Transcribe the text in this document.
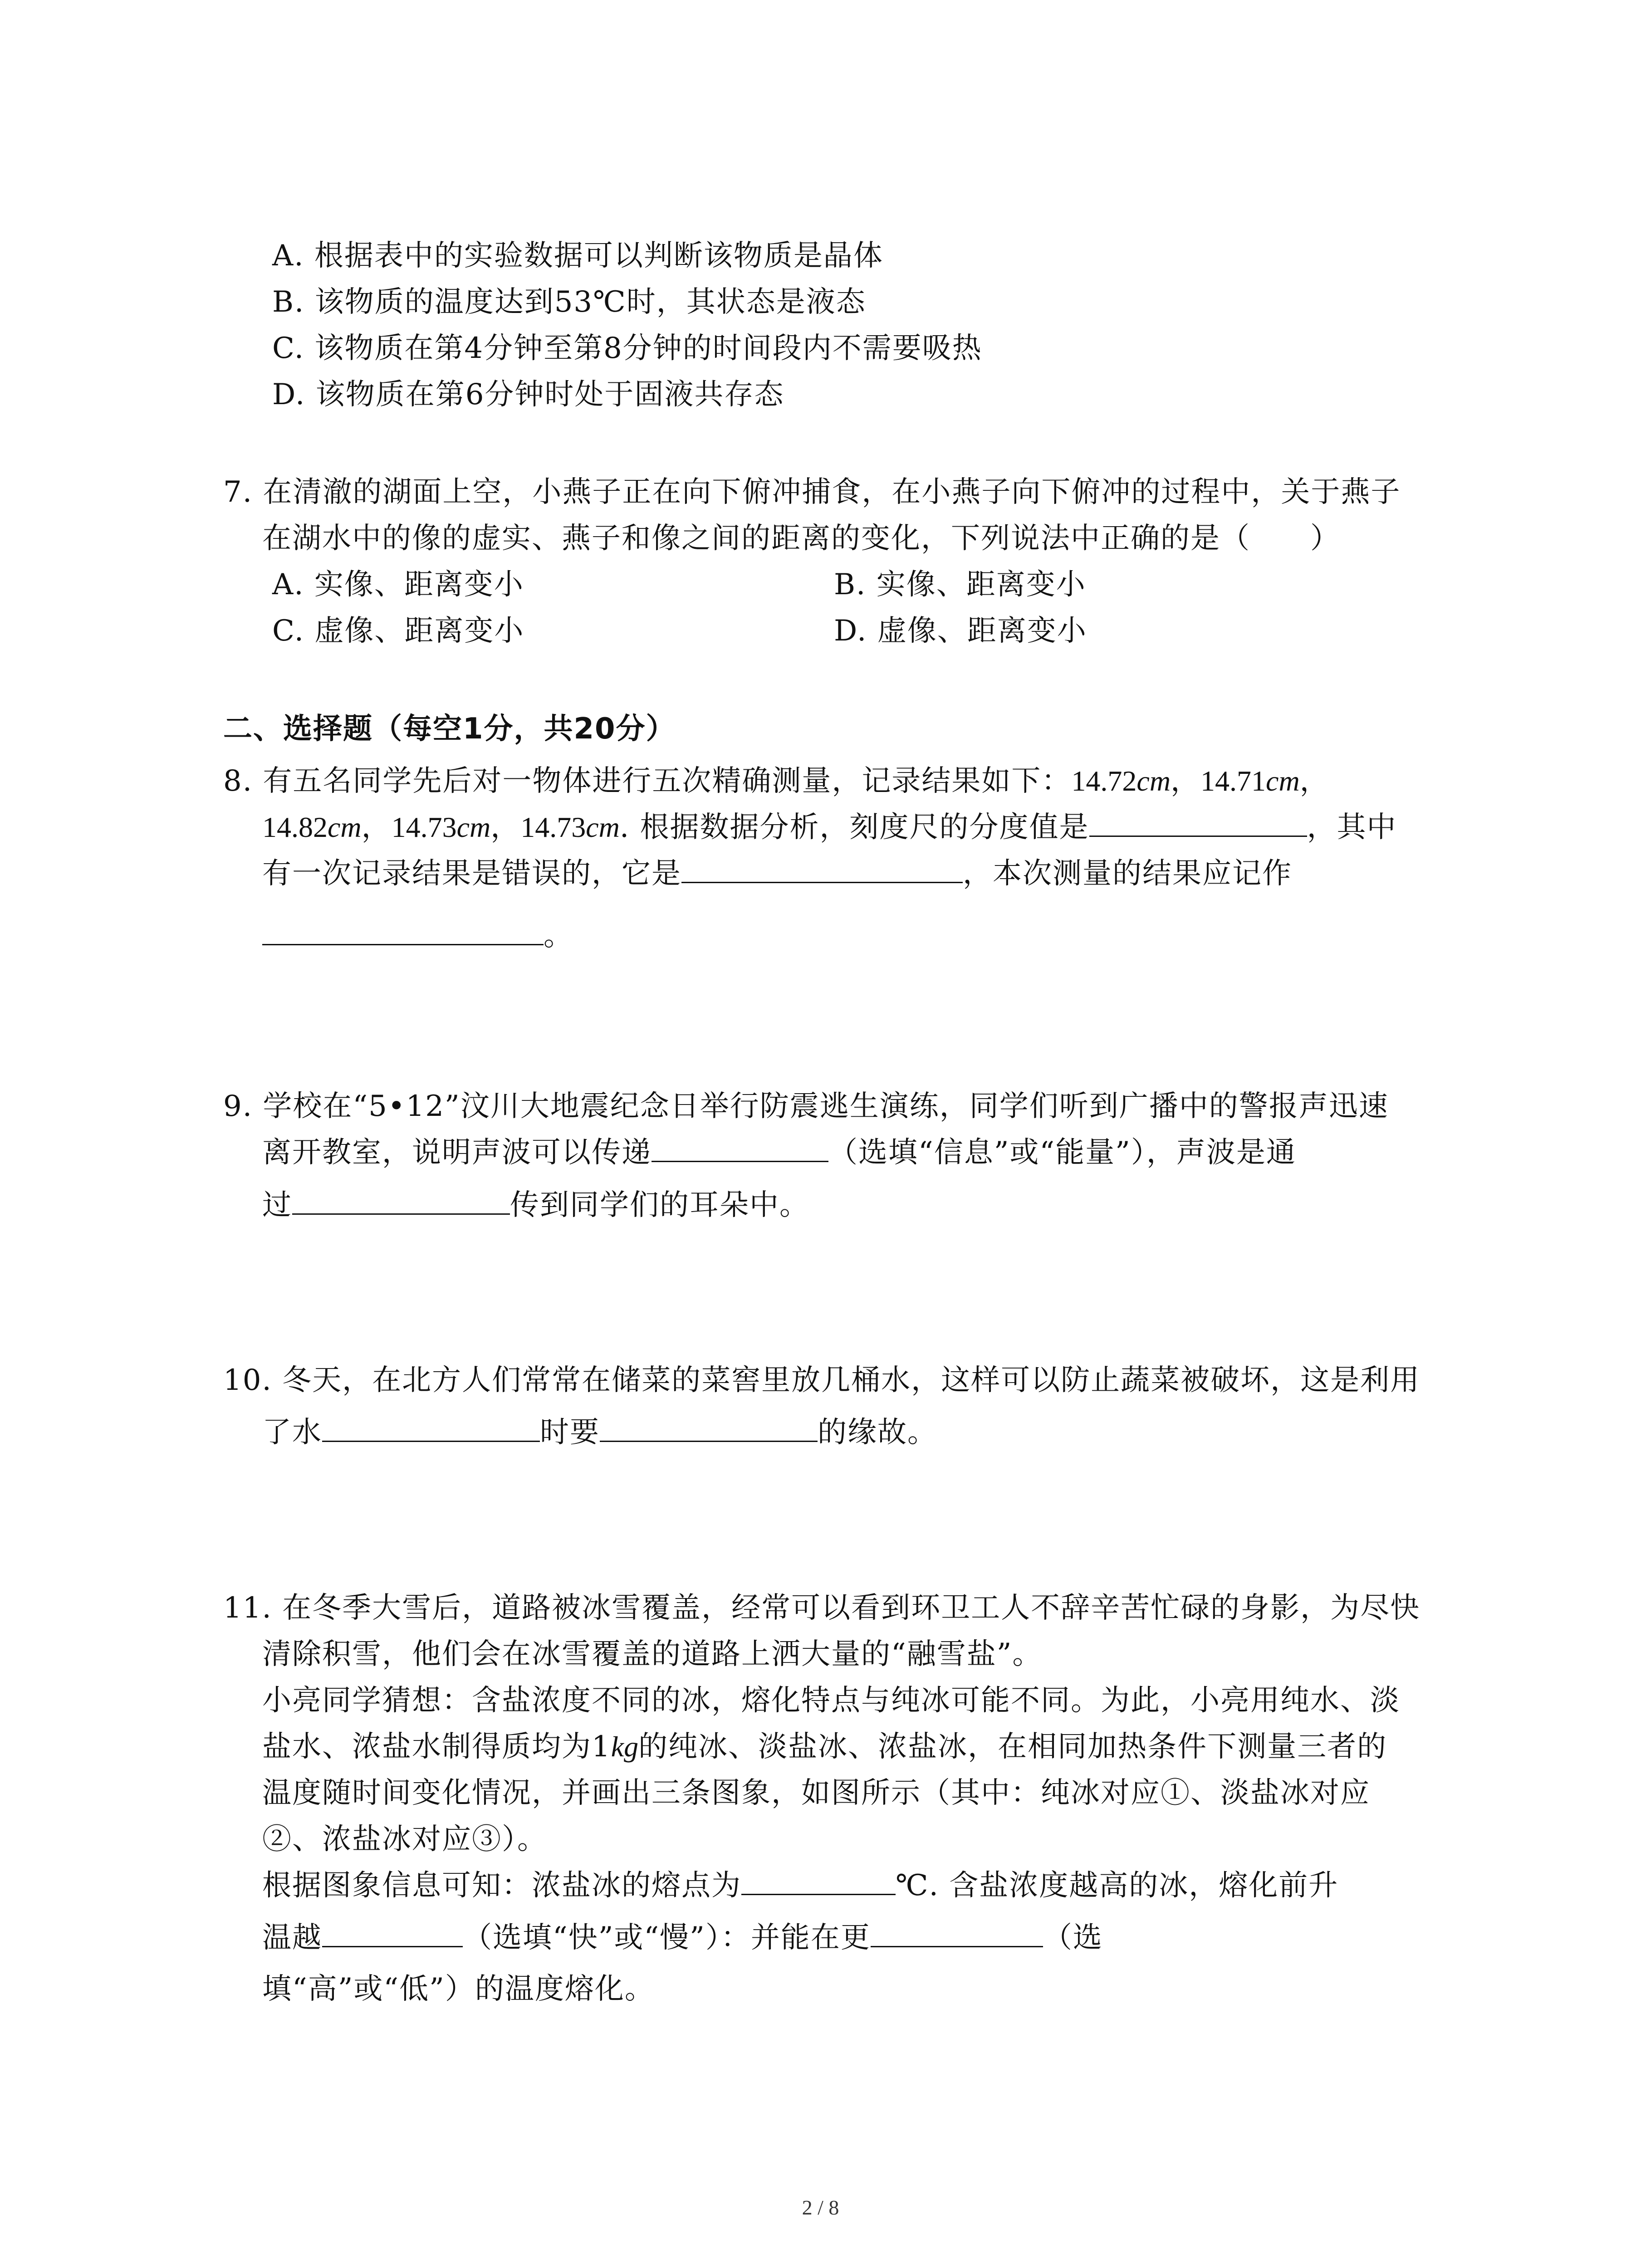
A. 根据表中的实验数据可以判断该物质是晶体
B. 该物质的温度达到53℃时，其状态是液态
C. 该物质在第4分钟至第8分钟的时间段内不需要吸热
D. 该物质在第6分钟时处于固液共存态
7. 在清澈的湖面上空，小燕子正在向下俯冲捕食，在小燕子向下俯冲的过程中，关于燕子
在湖水中的像的虚实、燕子和像之间的距离的变化，下列说法中正确的是（　　）
A. 实像、距离变小	B. 实像、距离变小
C. 虚像、距离变小	D. 虚像、距离变小
二、选择题（每空1分，共20分）
8. 有五名同学先后对一物体进行五次精确测量，记录结果如下：14.72cm，14.71cm，
14.82cm，14.73cm，14.73cm. 根据数据分析，刻度尺的分度值是	，其中
有一次记录结果是错误的，它是	，本次测量的结果应记作
。
9. 学校在“5•12”汶川大地震纪念日举行防震逃生演练，同学们听到广播中的警报声迅速
离开教室，说明声波可以传递	（选填“信息”或“能量”），声波是通
过	传到同学们的耳朵中。
10. 冬天，在北方人们常常在储菜的菜窖里放几桶水，这样可以防止蔬菜被破坏，这是利用
了水	时要	的缘故。
11. 在冬季大雪后，道路被冰雪覆盖，经常可以看到环卫工人不辞辛苦忙碌的身影，为尽快
清除积雪，他们会在冰雪覆盖的道路上洒大量的“融雪盐”。
小亮同学猜想：含盐浓度不同的冰，熔化特点与纯冰可能不同。为此，小亮用纯水、淡
盐水、浓盐水制得质均为1kg的纯冰、淡盐冰、浓盐冰，在相同加热条件下测量三者的
温度随时间变化情况，并画出三条图象，如图所示（其中：纯冰对应①、淡盐冰对应
②、浓盐冰对应③）。
根据图象信息可知：浓盐冰的熔点为	℃. 含盐浓度越高的冰，熔化前升
温越	（选填“快”或“慢”）：并能在更	（选
填“高”或“低”）的温度熔化。
2 / 8
